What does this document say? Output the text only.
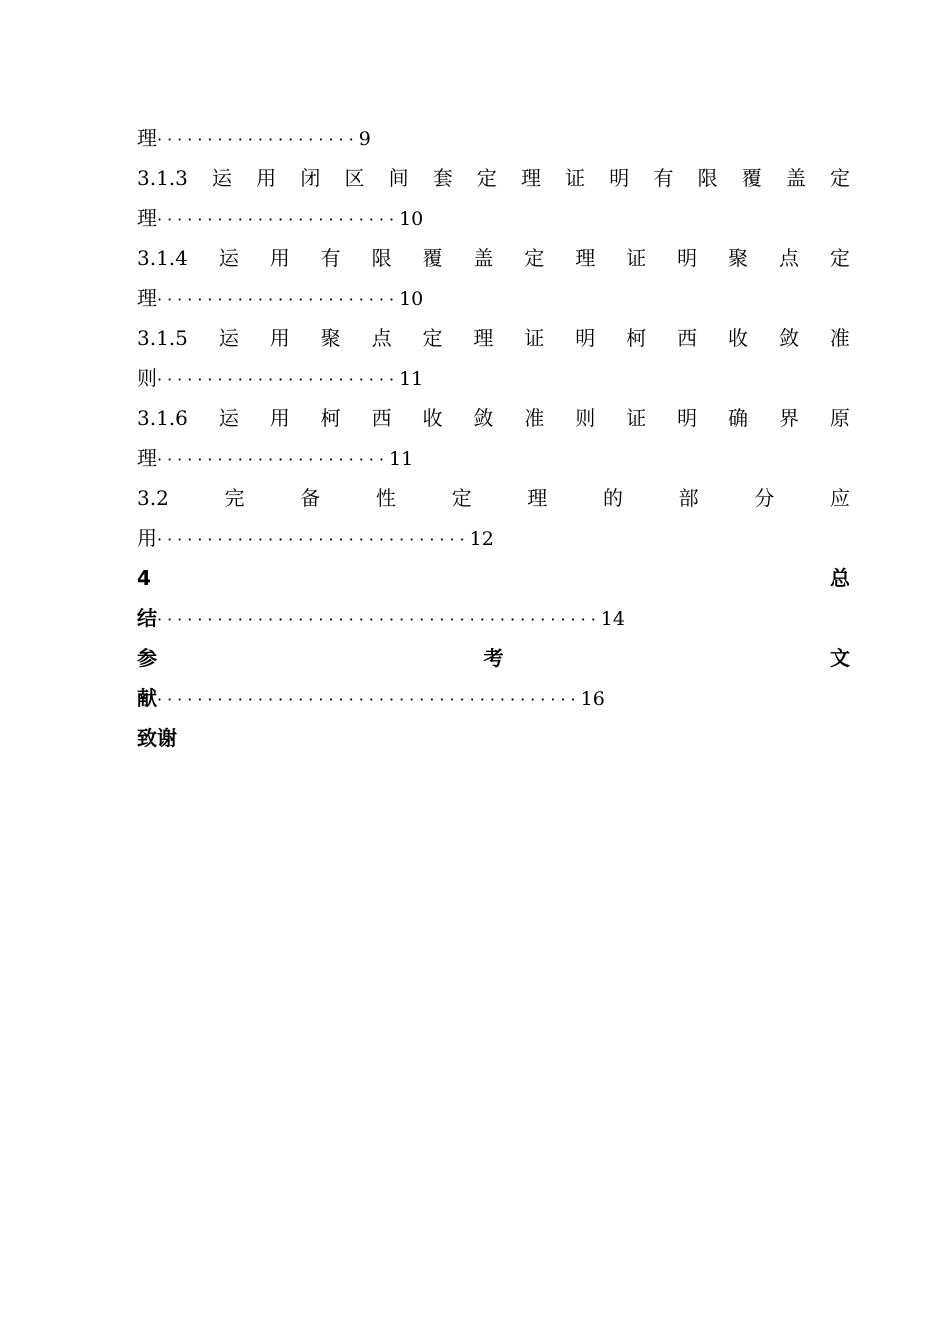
理 ···················· 9
3.1.3 运 用 闭 区 间 套 定 理 证 明 有 限 覆 盖 定
理 ························ 10
3.1.4 运 用 有 限 覆 盖 定 理 证 明 聚 点 定
理 ························ 10
3.1.5 运 用 聚 点 定 理 证 明 柯 西 收 敛 准
则 ························ 11
3.1.6 运 用 柯 西 收 敛 准 则 证 明 确 界 原
理 ······················· 11
3.2	完	备	性	定	理	的	部	分	应
用 ······························· 12
4	总
结 ············································ 14
参	考	文
献 ·········································· 16
致谢
